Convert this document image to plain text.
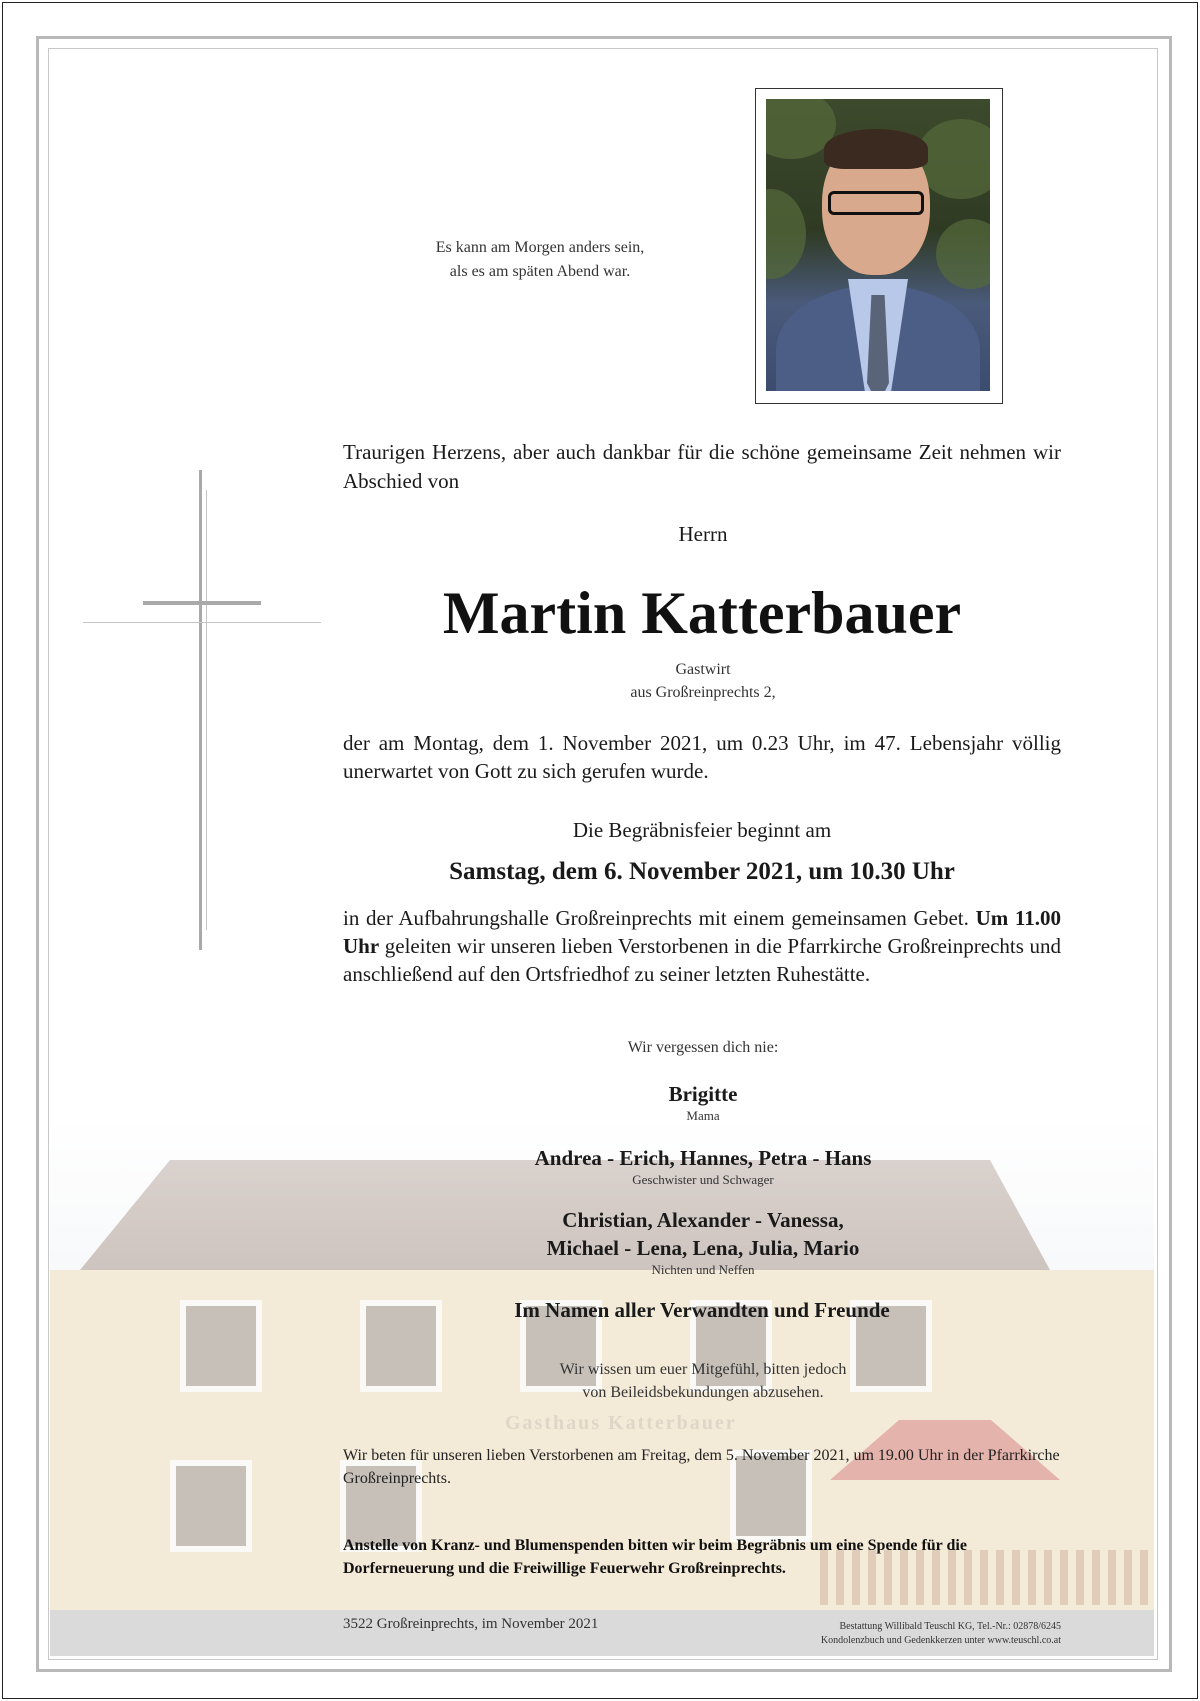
Gasthaus Katterbauer
Es kann am Morgen anders sein,
als es am späten Abend war.

Traurigen Herzens, aber auch dankbar für die schöne gemeinsame Zeit nehmen wir Abschied von

Herrn
Martin Katterbauer
Gastwirt
aus Großreinprechts 2,

der am Montag, dem 1. November 2021, um 0.23 Uhr, im 47. Lebensjahr völlig unerwartet von Gott zu sich gerufen wurde.

Die Begräbnisfeier beginnt am
Samstag, dem 6. November 2021, um 10.30 Uhr

in der Aufbahrungshalle Großreinprechts mit einem gemeinsamen Gebet. Um 11.00 Uhr geleiten wir unseren lieben Verstorbenen in die Pfarrkirche Großreinprechts und anschließend auf den Ortsfriedhof zu seiner letzten Ruhestätte.

Wir vergessen dich nie:
Brigitte
Mama
Andrea - Erich, Hannes, Petra - Hans
Geschwister und Schwager
Christian, Alexander - Vanessa,
Michael - Lena, Lena, Julia, Mario
Nichten und Neffen
Im Namen aller Verwandten und Freunde
Wir wissen um euer Mitgefühl, bitten jedoch
von Beileidsbekundungen abzusehen.

Wir beten für unseren lieben Verstorbenen am Freitag, dem 5. November 2021, um 19.00 Uhr in der Pfarrkirche Großreinprechts.

Anstelle von Kranz- und Blumenspenden bitten wir beim Begräbnis um eine Spende für die Dorferneuerung und die Freiwillige Feuerwehr Großreinprechts.

3522 Großreinprechts, im November 2021	Bestattung Willibald Teuschl KG, Tel.-Nr.: 02878/6245
Kondolenzbuch und Gedenkkerzen unter www.teuschl.co.at
